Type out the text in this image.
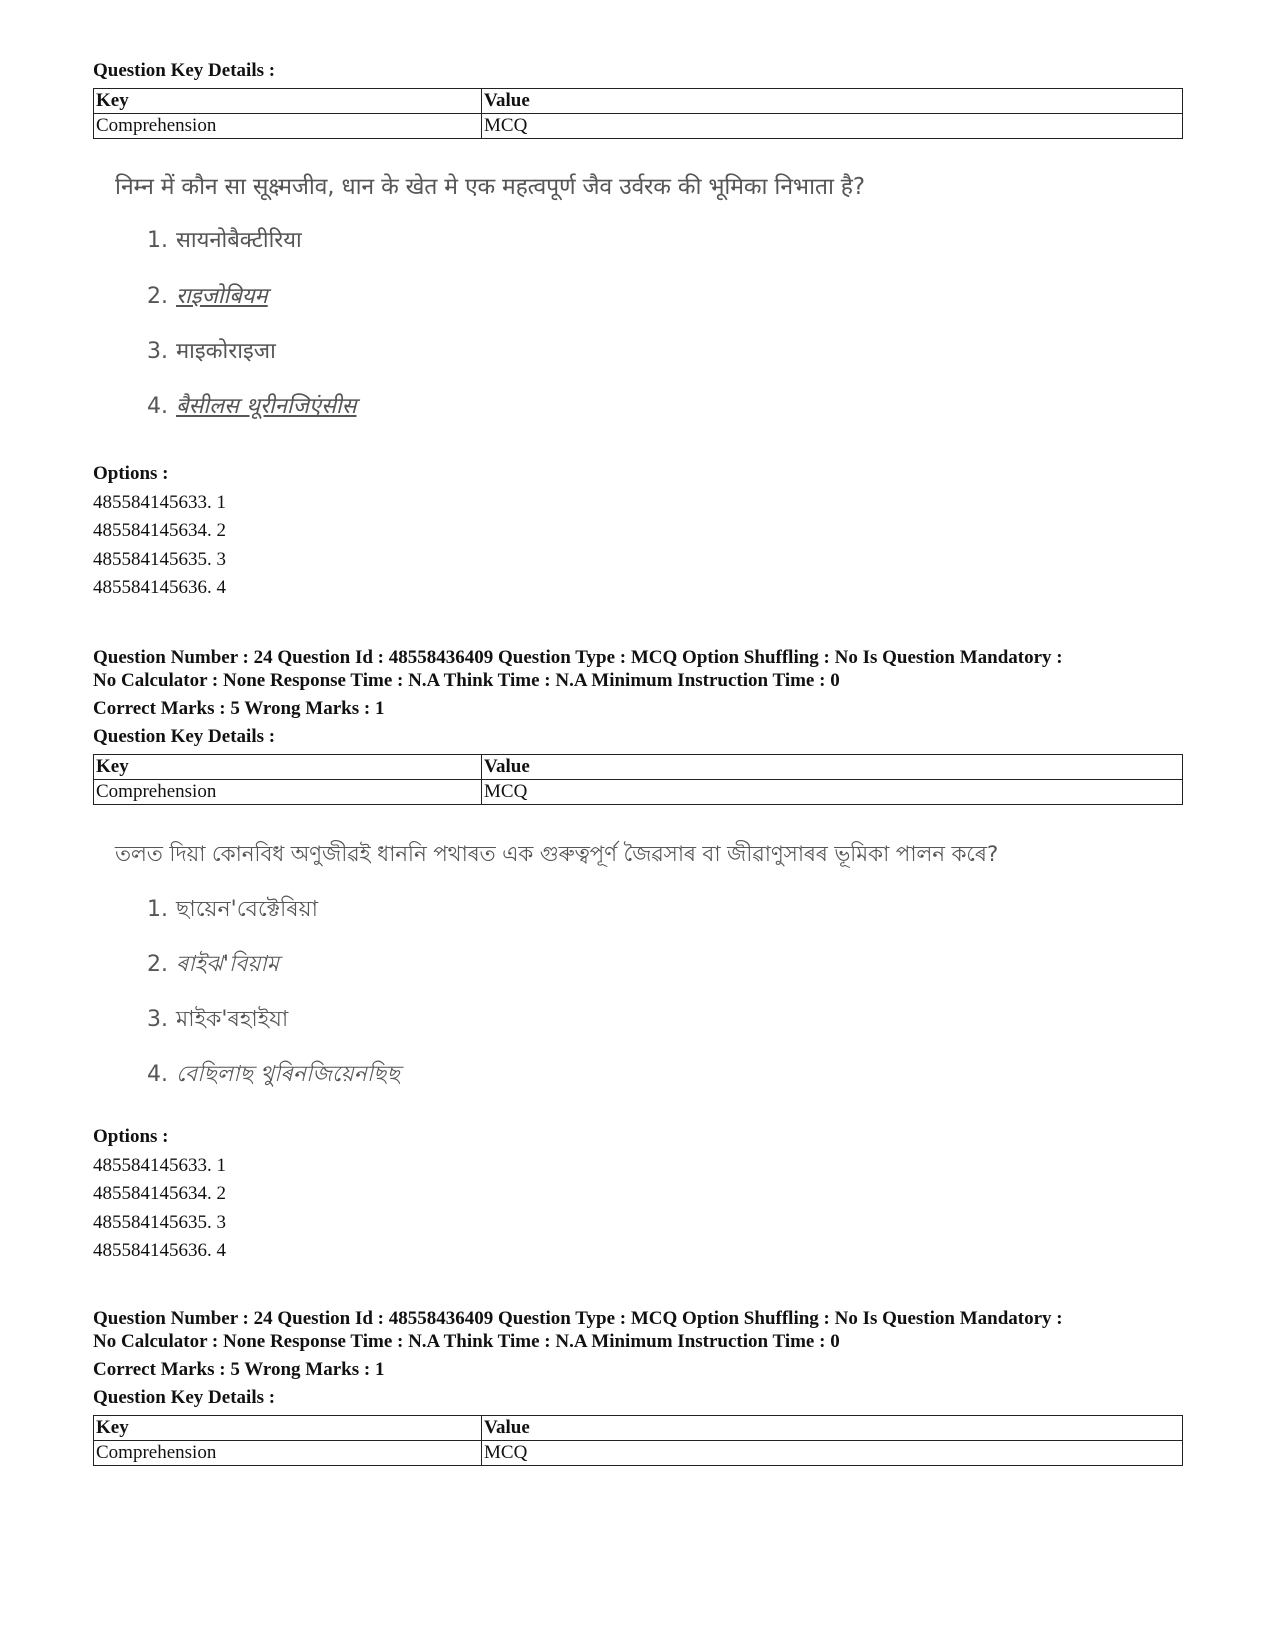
Question Key Details :
Key	Value
Comprehension	MCQ
निम्न में कौन सा सूक्ष्मजीव, धान के खेत मे एक महत्वपूर्ण जैव उर्वरक की भूमिका निभाता है?
1. सायनोबैक्टीरिया
2. राइजोबियम
3. माइकोराइजा
4. बैसीलस थूरीनजिएंसीस
Options :
485584145633. 1
485584145634. 2
485584145635. 3
485584145636. 4
Question Number : 24 Question Id : 48558436409 Question Type : MCQ Option Shuffling : No Is Question Mandatory :
No Calculator : None Response Time : N.A Think Time : N.A Minimum Instruction Time : 0
Correct Marks : 5 Wrong Marks : 1
Question Key Details :
Key	Value
Comprehension	MCQ
তলত দিয়া কোনবিধ অণুজীৱই ধাননি পথাৰত এক গুৰুত্বপূৰ্ণ জৈৱসাৰ বা জীৱাণুসাৰৰ ভূমিকা পালন কৰে?
1. ছায়েন'বেক্টেৰিয়া
2. ৰাইঝ'বিয়াম
3. মাইক'ৰহাইযা
4. বেছিলাছ থুৰিনজিয়েনছিছ
Options :
485584145633. 1
485584145634. 2
485584145635. 3
485584145636. 4
Question Number : 24 Question Id : 48558436409 Question Type : MCQ Option Shuffling : No Is Question Mandatory :
No Calculator : None Response Time : N.A Think Time : N.A Minimum Instruction Time : 0
Correct Marks : 5 Wrong Marks : 1
Question Key Details :
Key	Value
Comprehension	MCQ
